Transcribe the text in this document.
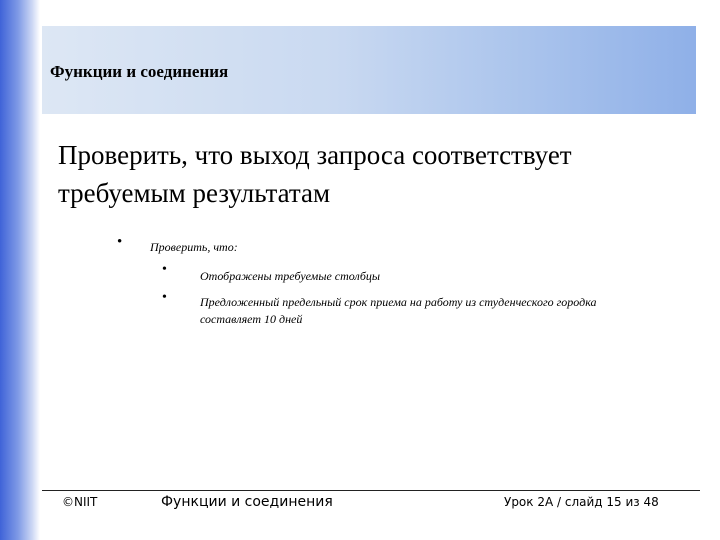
Функции и соединения
Проверить, что выход запроса соответствует требуемым результатам
• Проверить, что:
•	Отображены требуемые столбцы
•	Предложенный предельный срок приема на работу из студенческого городка составляет 10 дней
©NIIT	Функции и соединения	Урок 2А / слайд 15 из 48
